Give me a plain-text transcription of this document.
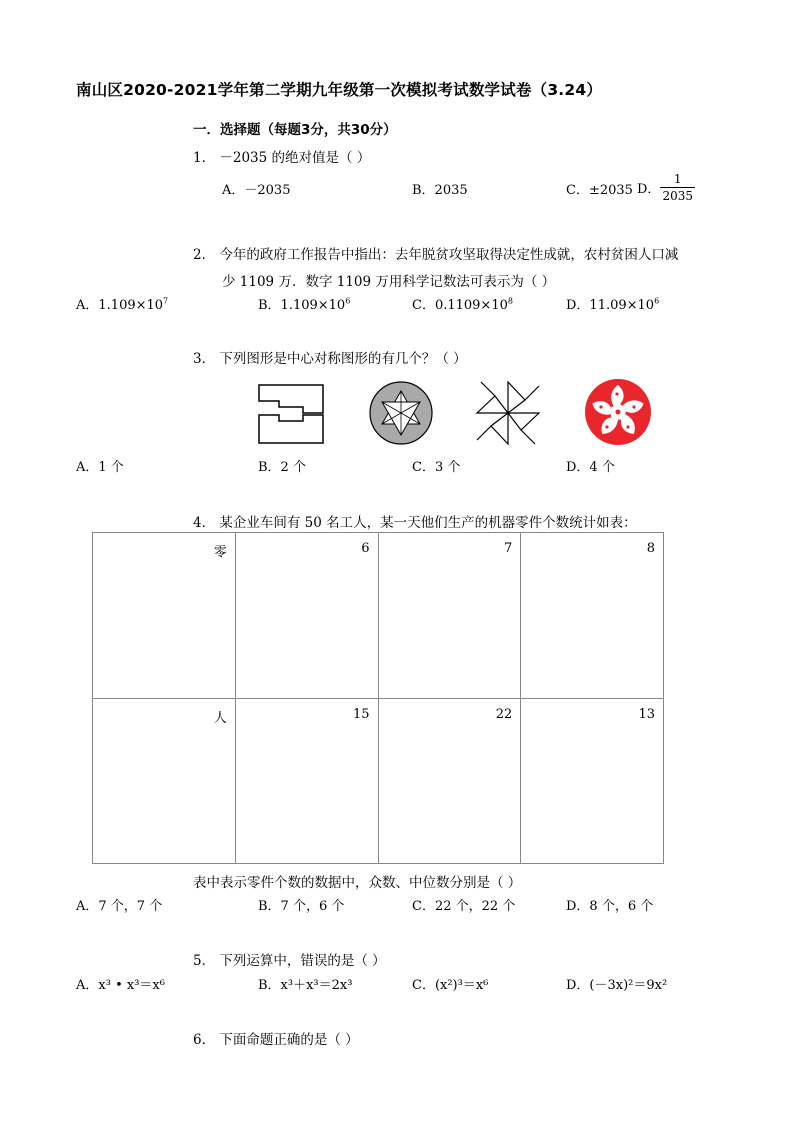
南山区2020-2021学年第二学期九年级第一次模拟考试数学试卷（3.24）
一．选择题（每题3分，共30分）
1． －2035 的绝对值是（ ）
A．－2035	B．2035	C．±2035 D． $\frac{1}{2035}$
2． 今年的政府工作报告中指出：去年脱贫攻坚取得决定性成就，农村贫困人口减
少 1109 万．数字 1109 万用科学记数法可表示为（ ）
A．$1.109\times 10^7$	B．$1.109\times 10^6$	C．$0.1109\times 10^8$	D．$11.09\times 10^6$
3． 下列图形是中心对称图形的有几个？（ ）
A．1 个	B．2 个	C．3 个	D．4 个
4． 某企业车间有 50 名工人，某一天他们生产的机器零件个数统计如表：
零	6	7	8
人	15	22	13
表中表示零件个数的数据中，众数、中位数分别是（ ）
A．7 个，7 个	B．7 个，6 个	C．22 个，22 个	D．8 个，6 个
5． 下列运算中，错误的是（ ）
A．x³ • x³＝x⁶	B．x³＋x³＝2x³	C．(x²)³＝x⁶	D．(－3x)²＝9x²
6． 下面命题正确的是（ ）
